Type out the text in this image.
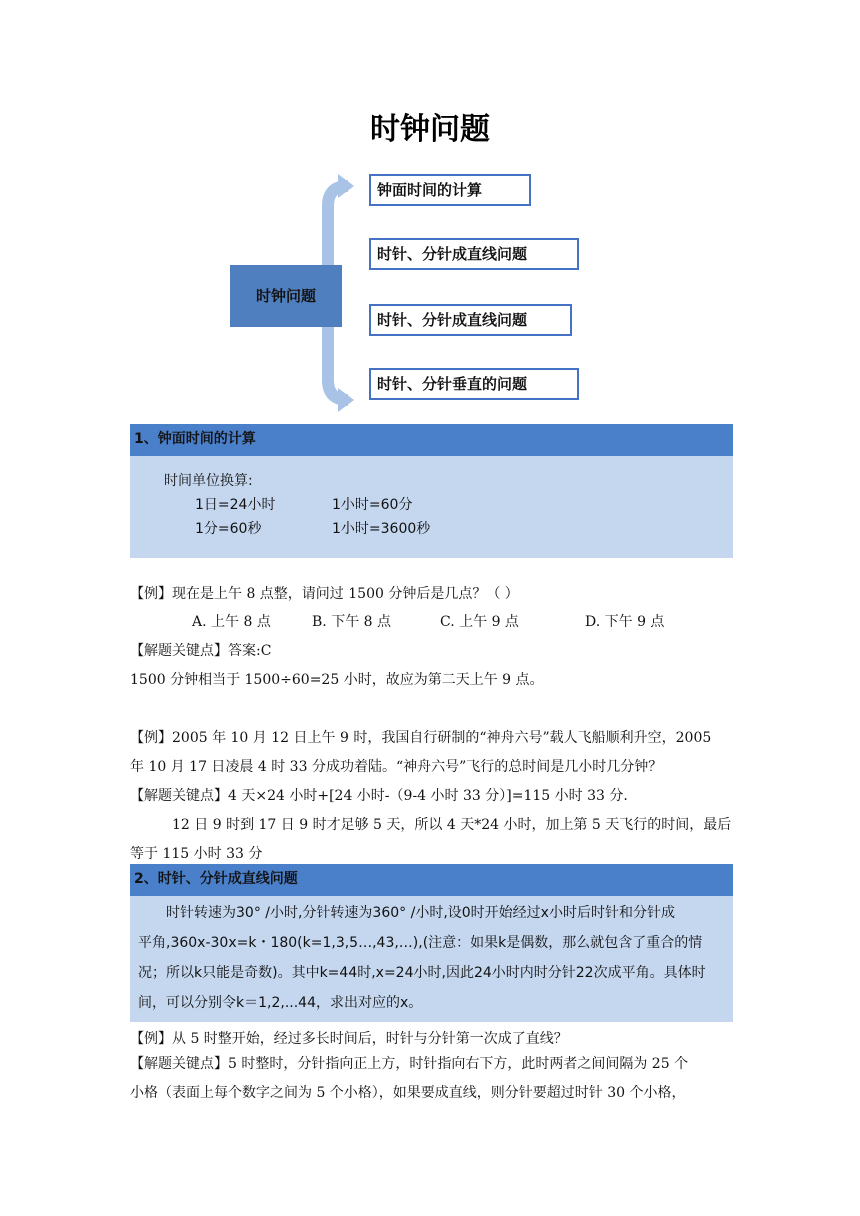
时钟问题
时钟问题
钟面时间的计算
时针、分针成直线问题
时针、分针成直线问题
时针、分针垂直的问题
1、钟面时间的计算
时间单位换算:
1日=24小时	1小时=60分
1分=60秒	1小时=3600秒
【例】现在是上午 8 点整，请问过 1500 分钟后是几点？（ ）
A. 上午 8 点	B. 下午 8 点	C. 上午 9 点	D. 下午 9 点
【解题关键点】答案:C
1500 分钟相当于 1500÷60=25 小时，故应为第二天上午 9 点。
【例】2005 年 10 月 12 日上午 9 时，我国自行研制的“神舟六号”载人飞船顺利升空，2005
年 10 月 17 日凌晨 4 时 33 分成功着陆。“神舟六号”飞行的总时间是几小时几分钟？
【解题关键点】4 天×24 小时+[24 小时-（9-4 小时 33 分）]=115 小时 33 分.
12 日 9 时到 17 日 9 时才足够 5 天，所以 4 天*24 小时，加上第 5 天飞行的时间，最后
等于 115 小时 33 分
2、时针、分针成直线问题
时针转速为30° /小时,分针转速为360° /小时,设0时开始经过x小时后时针和分针成
平角,360x-30x=k・180(k=1,3,5…,43,…),(注意：如果k是偶数，那么就包含了重合的情
况；所以k只能是奇数)。其中k=44时,x=24小时,因此24小时内时分针22次成平角。具体时
间，可以分别令k＝1,2,...44，求出对应的x。
【例】从 5 时整开始，经过多长时间后，时针与分针第一次成了直线？
【解题关键点】5 时整时，分针指向正上方，时针指向右下方，此时两者之间间隔为 25 个
小格（表面上每个数字之间为 5 个小格），如果要成直线，则分针要超过时针 30 个小格，
